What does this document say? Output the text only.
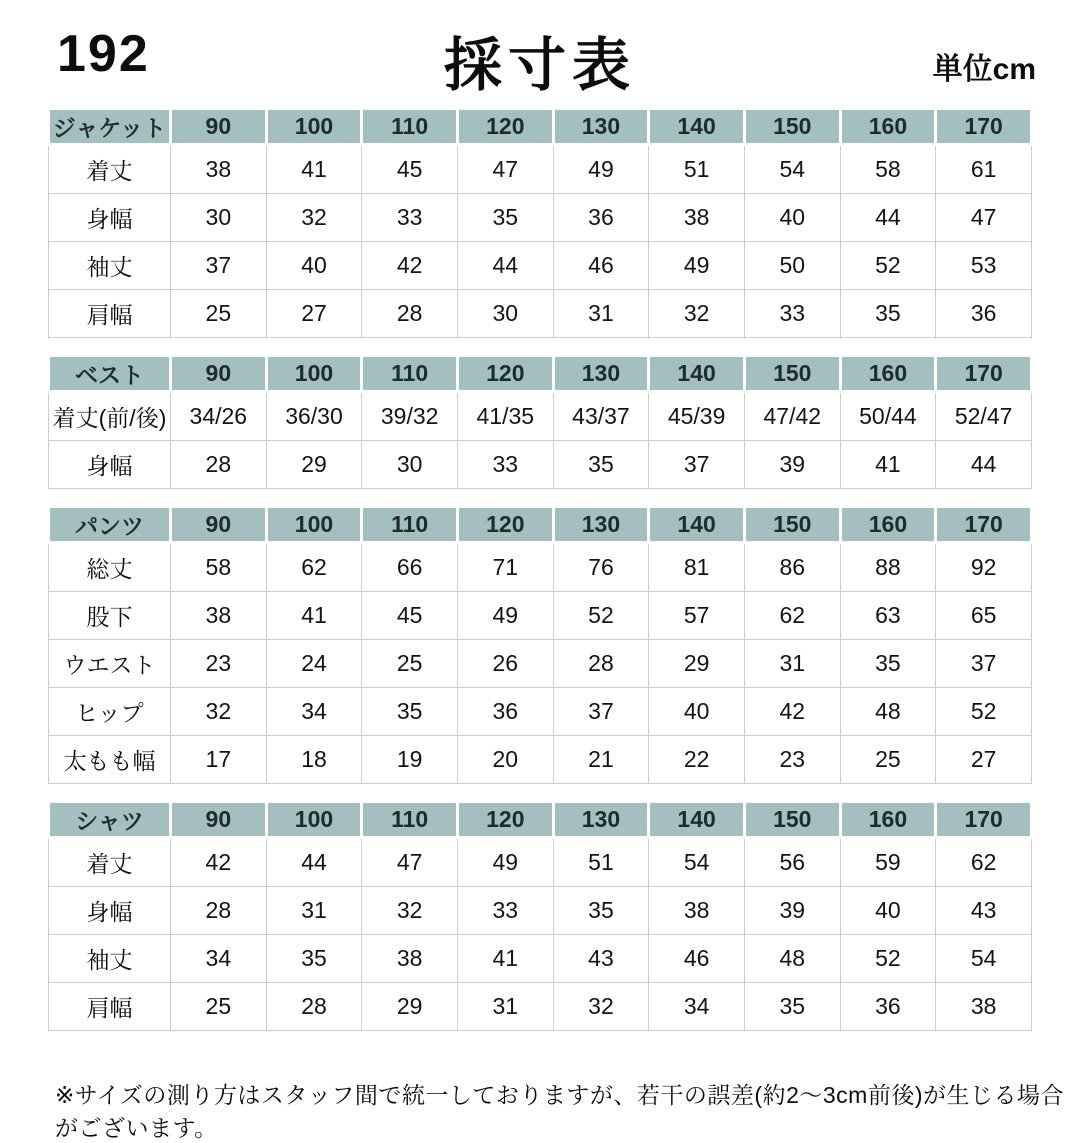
192	採寸表	単位cm
ジャケット	90	100	110	120	130	140	150	160	170
着丈	38	41	45	47	49	51	54	58	61
身幅	30	32	33	35	36	38	40	44	47
袖丈	37	40	42	44	46	49	50	52	53
肩幅	25	27	28	30	31	32	33	35	36
ベスト	90	100	110	120	130	140	150	160	170
着丈(前/後)	34/26	36/30	39/32	41/35	43/37	45/39	47/42	50/44	52/47
身幅	28	29	30	33	35	37	39	41	44
パンツ	90	100	110	120	130	140	150	160	170
総丈	58	62	66	71	76	81	86	88	92
股下	38	41	45	49	52	57	62	63	65
ウエスト	23	24	25	26	28	29	31	35	37
ヒップ	32	34	35	36	37	40	42	48	52
太もも幅	17	18	19	20	21	22	23	25	27
シャツ	90	100	110	120	130	140	150	160	170
着丈	42	44	47	49	51	54	56	59	62
身幅	28	31	32	33	35	38	39	40	43
袖丈	34	35	38	41	43	46	48	52	54
肩幅	25	28	29	31	32	34	35	36	38

※サイズの測り方はスタッフ間で統一しておりますが、若干の誤差(約2〜3cm前後)が生じる場合がございます。
